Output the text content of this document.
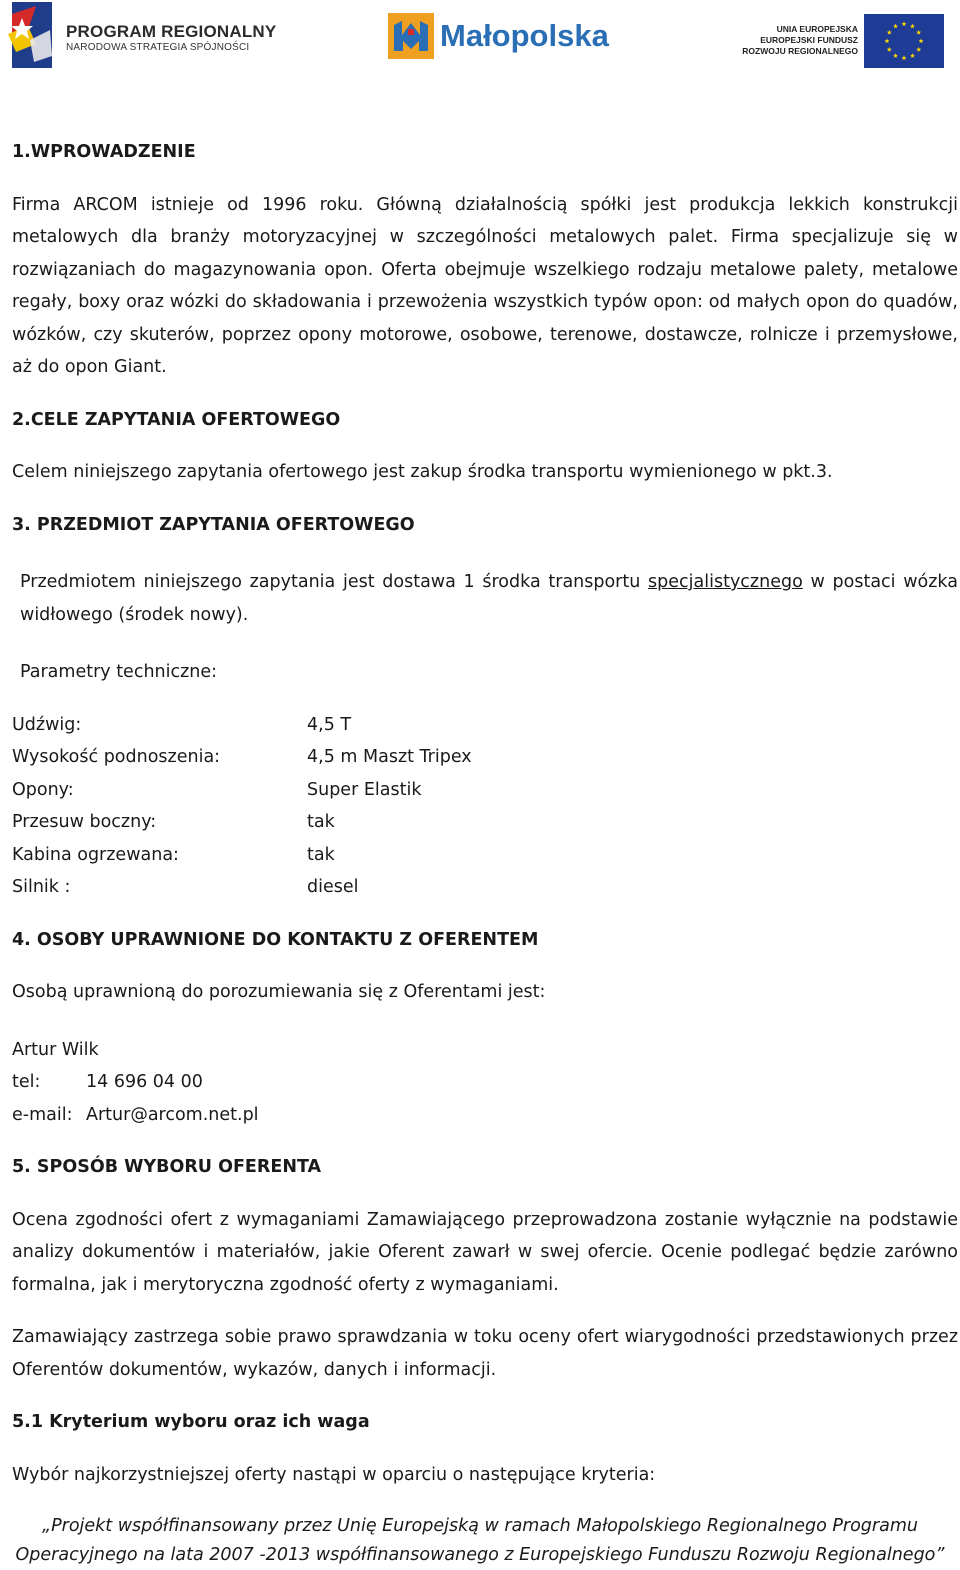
PROGRAM REGIONALNY
NARODOWA STRATEGIA SPÓJNOŚCI	Małopolska	UNIA EUROPEJSKA
EUROPEJSKI FUNDUSZ
ROZWOJU REGIONALNEGO

1.WPROWADZENIE

Firma ARCOM istnieje od 1996 roku. Główną działalnością spółki jest produkcja lekkich konstrukcji metalowych dla branży motoryzacyjnej w szczególności metalowych palet. Firma specjalizuje się w rozwiązaniach do magazynowania opon. Oferta obejmuje wszelkiego rodzaju metalowe palety, metalowe regały, boxy oraz wózki do składowania i przewożenia wszystkich typów opon: od małych opon do quadów, wózków, czy skuterów, poprzez opony motorowe, osobowe, terenowe, dostawcze, rolnicze i przemysłowe, aż do opon Giant.

2.CELE ZAPYTANIA OFERTOWEGO

Celem niniejszego zapytania ofertowego jest zakup środka transportu wymienionego w pkt.3.

3. PRZEDMIOT ZAPYTANIA OFERTOWEGO

Przedmiotem niniejszego zapytania jest dostawa 1 środka transportu specjalistycznego w postaci wózka widłowego (środek nowy).

Parametry techniczne:

Udźwig:	4,5 T
Wysokość podnoszenia:	4,5 m Maszt Tripex
Opony:	Super Elastik
Przesuw boczny:	tak
Kabina ogrzewana:	tak
Silnik :	diesel

4. OSOBY UPRAWNIONE DO KONTAKTU Z OFERENTEM

Osobą uprawnioną do porozumiewania się z Oferentami jest:

Artur Wilk

tel:	14 696 04 00
e-mail: Artur@arcom.net.pl

5. SPOSÓB WYBORU OFERENTA

Ocena zgodności ofert z wymaganiami Zamawiającego przeprowadzona zostanie wyłącznie na podstawie analizy dokumentów i materiałów, jakie Oferent zawarł w swej ofercie. Ocenie podlegać będzie zarówno formalna, jak i merytoryczna zgodność oferty z wymaganiami.

Zamawiający zastrzega sobie prawo sprawdzania w toku oceny ofert wiarygodności przedstawionych przez Oferentów dokumentów, wykazów, danych i informacji.

5.1 Kryterium wyboru oraz ich waga

Wybór najkorzystniejszej oferty nastąpi w oparciu o następujące kryteria:

„Projekt współfinansowany przez Unię Europejską w ramach Małopolskiego Regionalnego Programu
Operacyjnego na lata 2007 -2013 współfinansowanego z Europejskiego Funduszu Rozwoju Regionalnego”
